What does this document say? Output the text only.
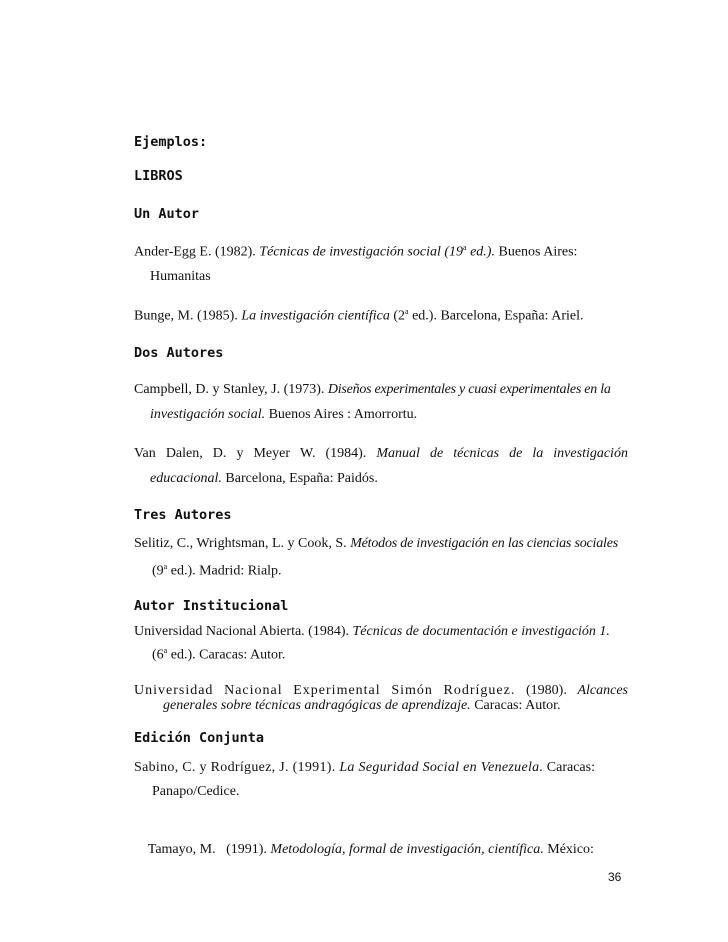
Ejemplos:
LIBROS
Un Autor
Ander-Egg E. (1982). Técnicas de investigación social (19$^a$ ed.). Buenos Aires:
Humanitas
Bunge, M. (1985). La investigación científica (2$^a$ ed.). Barcelona, España: Ariel.
Dos Autores
Campbell, D. y Stanley, J. (1973). Diseños experimentales y cuasi experimentales en la
investigación social. Buenos Aires : Amorrortu.
Van Dalen, D. y Meyer W. (1984). Manual de técnicas de la investigación
educacional. Barcelona, España: Paidós.
Tres Autores
Selitiz, C., Wrightsman, L. y Cook, S. Métodos de investigación en las ciencias sociales
(9$^a$ ed.). Madrid: Rialp.
Autor Institucional
Universidad Nacional Abierta. (1984). Técnicas de documentación e investigación 1.
(6$^a$ ed.). Caracas: Autor.
Universidad Nacional Experimental Simón Rodríguez. (1980). Alcances
generales sobre técnicas andragógicas de aprendizaje. Caracas: Autor.
Edición Conjunta
Sabino, C. y Rodríguez, J. (1991). La Seguridad Social en Venezuela. Caracas:
Panapo/Cedice.

Tamayo, M.   (1991). Metodología, formal de investigación, científica. México:

36
